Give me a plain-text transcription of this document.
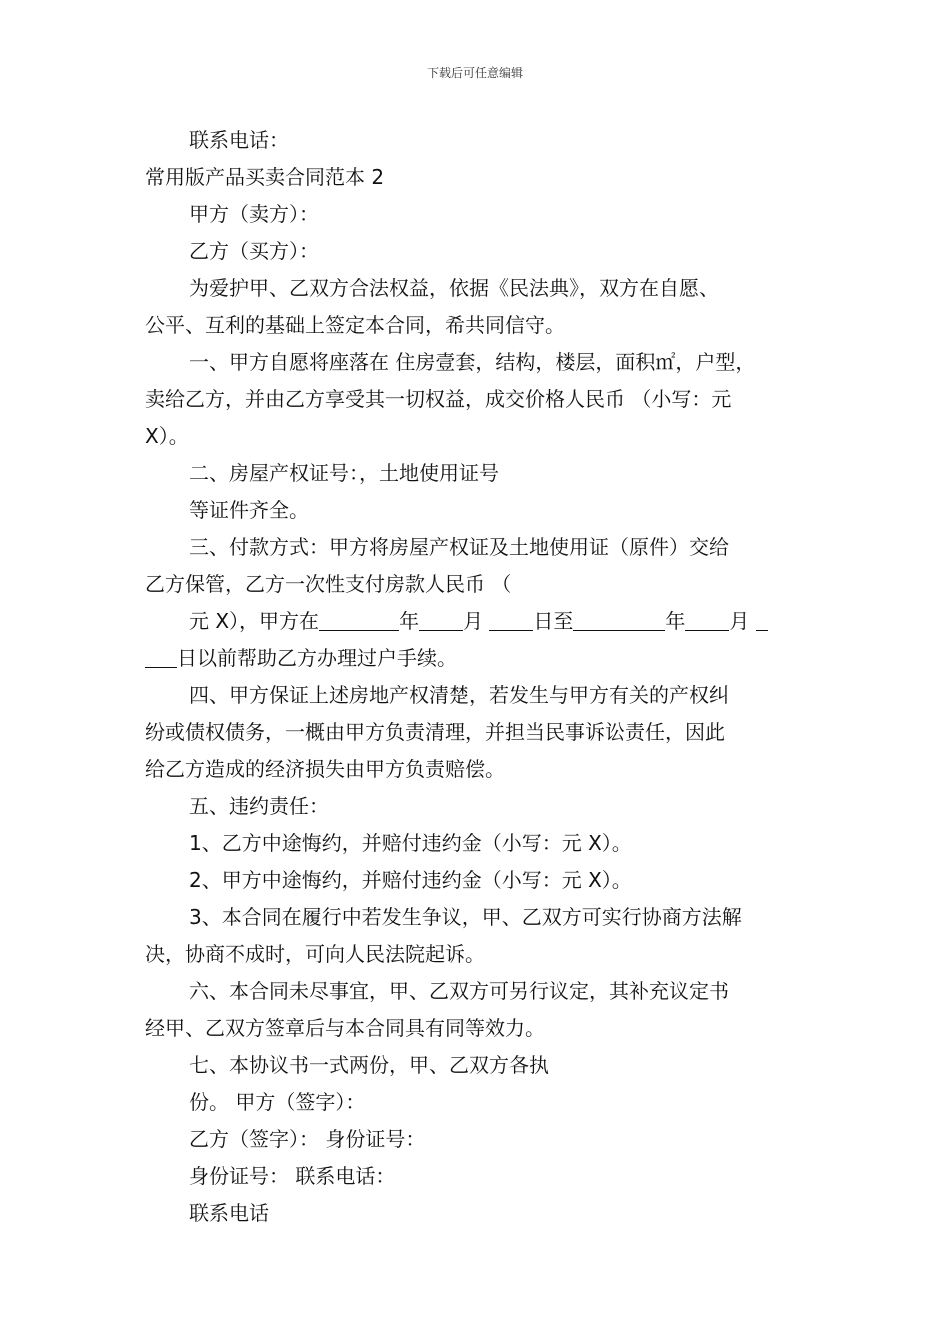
下载后可任意编辑

联系电话：

常用版产品买卖合同范本 2

甲方（卖方）：

乙方（买方）：

为爱护甲、乙双方合法权益，依据《民法典》，双方在自愿、

公平、互利的基础上签定本合同，希共同信守。

一、甲方自愿将座落在 住房壹套，结构，楼层，面积㎡，户型，

卖给乙方，并由乙方享受其一切权益，成交价格人民币 （小写：元

X）。

二、房屋产权证号：，土地使用证号

等证件齐全。

三、付款方式：甲方将房屋产权证及土地使用证（原件）交给

乙方保管，乙方一次性支付房款人民币 （

元 X），甲方在	年 月	日至	年 月

日以前帮助乙方办理过户手续。

四、甲方保证上述房地产权清楚，若发生与甲方有关的产权纠

纷或债权债务，一概由甲方负责清理，并担当民事诉讼责任，因此

给乙方造成的经济损失由甲方负责赔偿。

五、违约责任：

1、乙方中途悔约，并赔付违约金（小写：元 X）。

2、甲方中途悔约，并赔付违约金（小写：元 X）。

3、本合同在履行中若发生争议，甲、乙双方可实行协商方法解

决，协商不成时，可向人民法院起诉。

六、本合同未尽事宜，甲、乙双方可另行议定，其补充议定书

经甲、乙双方签章后与本合同具有同等效力。

七、本协议书一式两份，甲、乙双方各执

份。 甲方（签字）：

乙方（签字）： 身份证号：

身份证号： 联系电话：

联系电话
